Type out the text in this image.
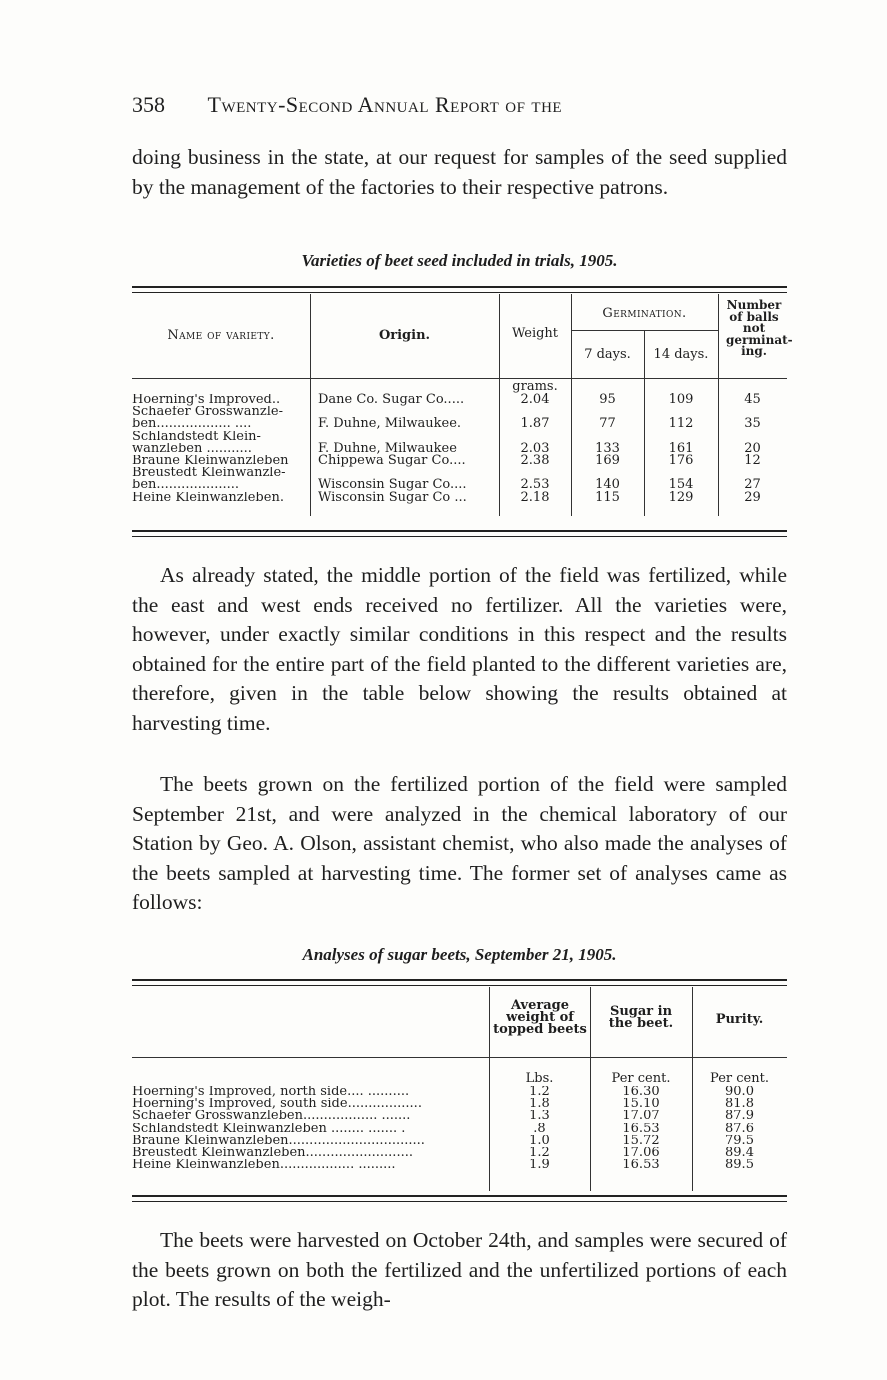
358 Twenty-Second Annual Report of the

doing business in the state, at our request for samples of the seed supplied by the management of the factories to their respective patrons.

Varieties of beet seed included in trials, 1905.
Name of variety.	Origin.	Weight
Germination.
7 days.	14 days.
Number of balls not germinat- ing.
grams.
Hoerning's Improved..	Dane Co. Sugar Co.....	2.04	95	109	45
Schaefer Grosswanzle-
ben.................. ....	F. Duhne, Milwaukee.	1.87	77	112	35
Schlandstedt Klein-
wanzleben ...........	F. Duhne, Milwaukee	2.03	133	161	20
Braune Kleinwanzleben	Chippewa Sugar Co....	2.38	169	176	12
Breustedt Kleinwanzle-
ben....................	Wisconsin Sugar Co....	2.53	140	154	27
Heine Kleinwanzleben.	Wisconsin Sugar Co ...	2.18	115	129	29

As already stated, the middle portion of the field was fertilized, while the east and west ends received no fertilizer. All the varieties were, however, under exactly similar conditions in this respect and the results obtained for the entire part of the field planted to the different varieties are, therefore, given in the table below showing the results obtained at harvesting time.

The beets grown on the fertilized portion of the field were sampled September 21st, and were analyzed in the chemical laboratory of our Station by Geo. A. Olson, assistant chemist, who also made the analyses of the beets sampled at harvesting time. The former set of analyses came as follows:

Analyses of sugar beets, September 21, 1905.
Average weight of topped beets
Sugar in the beet.	Purity.
Lbs.	Per cent.	Per cent.
Hoerning's Improved, north side.... ..........	1.2	16.30	90.0
Hoerning's Improved, south side..................	1.8	15.10	81.8
Schaefer Grosswanzleben.................. .......	1.3	17.07	87.9
Schlandstedt Kleinwanzleben ........ ....... .	.8	16.53	87.6
Braune Kleinwanzleben.................................	1.0	15.72	79.5
Breustedt Kleinwanzleben..........................	1.2	17.06	89.4
Heine Kleinwanzleben.................. .........	1.9	16.53	89.5

The beets were harvested on October 24th, and samples were secured of the beets grown on both the fertilized and the unfertilized portions of each plot. The results of the weigh-
